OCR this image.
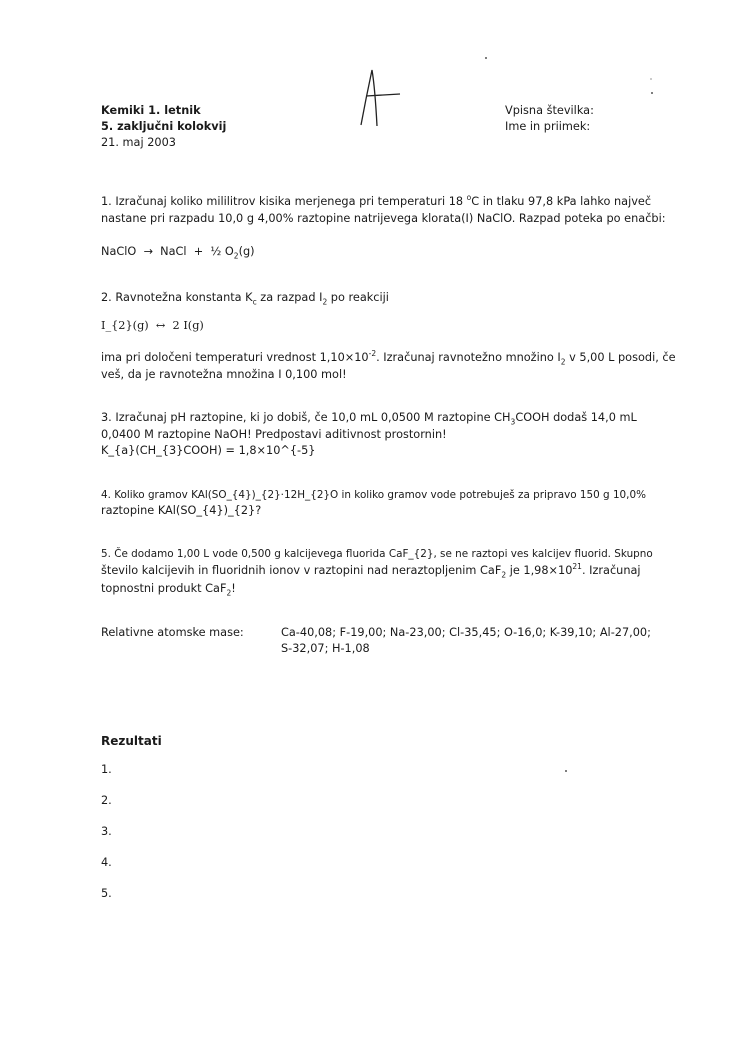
Kemiki 1. letnik
5. zaključni kolokvij
21. maj 2003
Vpisna številka:
Ime in priimek:
1. Izračunaj koliko mililitrov kisika merjenega pri temperaturi 18 $^o$C in tlaku 97,8 kPa lahko največ
nastane pri razpadu 10,0 g 4,00% raztopine natrijevega klorata(I) NaClO. Razpad poteka po enačbi:
NaClO  →  NaCl  +  ½ $O_2(g)$
2. Ravnotežna konstanta $K_c$ za razpad $I_2$ po reakciji
I_{2}(g)  ↔  2 I(g)
ima pri določeni temperaturi vrednost $1,10\times 10^{-2}$. Izračunaj ravnotežno množino $I_2$ v 5,00 L posodi, če
veš, da je ravnotežna množina I 0,100 mol!
3. Izračunaj pH raztopine, ki jo dobiš, če 10,0 mL 0,0500 M raztopine $CH_3COOH$ dodaš 14,0 mL
0,0400 M raztopine NaOH! Predpostavi aditivnost prostornin!
K_{a}(CH_{3}COOH) = 1,8×10^{-5}
4. Koliko gramov KAl(SO_{4})_{2}·12H_{2}O in koliko gramov vode potrebuješ za pripravo 150 g 10,0%
raztopine KAl(SO_{4})_{2}?
5. Če dodamo 1,00 L vode 0,500 g kalcijevega fluorida CaF_{2}, se ne raztopi ves kalcijev fluorid. Skupno
število kalcijevih in fluoridnih ionov v raztopini nad neraztopljenim CaF$_2$ je $1,98\times 10^{21}$. Izračunaj
topnostni produkt CaF$_2$!
Relativne atomske mase:	Ca-40,08; F-19,00; Na-23,00; Cl-35,45; O-16,0; K-39,10; Al-27,00;
S-32,07; H-1,08
Rezultati
1.
2.
3.
4.
5.
